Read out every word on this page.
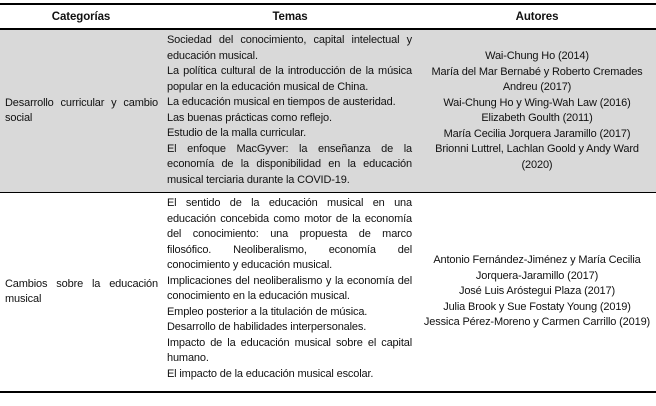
Categorías	Temas	Autores
Desarrollo curricular y cambio social

Sociedad del conocimiento, capital intelectual y educación musical.

La política cultural de la introducción de la música popular en la educación musical de China.

La educación musical en tiempos de austeridad.

Las buenas prácticas como reflejo.

Estudio de la malla curricular.

El enfoque MacGyver: la enseñanza de la economía de la disponibilidad en la educación musical terciaria durante la COVID-19.

Wai-Chung Ho (2014)

María del Mar Bernabé y Roberto Cremades Andreu (2017)

Wai-Chung Ho y Wing-Wah Law (2016)

Elizabeth Goulth (2011)

María Cecilia Jorquera Jaramillo (2017)

Brionni Luttrel, Lachlan Goold y Andy Ward (2020)

Cambios sobre la educación musical

El sentido de la educación musical en una educación concebida como motor de la economía del conocimiento: una propuesta de marco filosófico. Neoliberalismo, economía del conocimiento y educación musical.

Implicaciones del neoliberalismo y la economía del conocimiento en la educación musical.

Empleo posterior a la titulación de música.

Desarrollo de habilidades interpersonales.

Impacto de la educación musical sobre el capital humano.

El impacto de la educación musical escolar.

Antonio Fernández-Jiménez y María Cecilia Jorquera-Jaramillo (2017)

José Luis Aróstegui Plaza (2017)

Julia Brook y Sue Fostaty Young (2019)

Jessica Pérez-Moreno y Carmen Carrillo (2019)
